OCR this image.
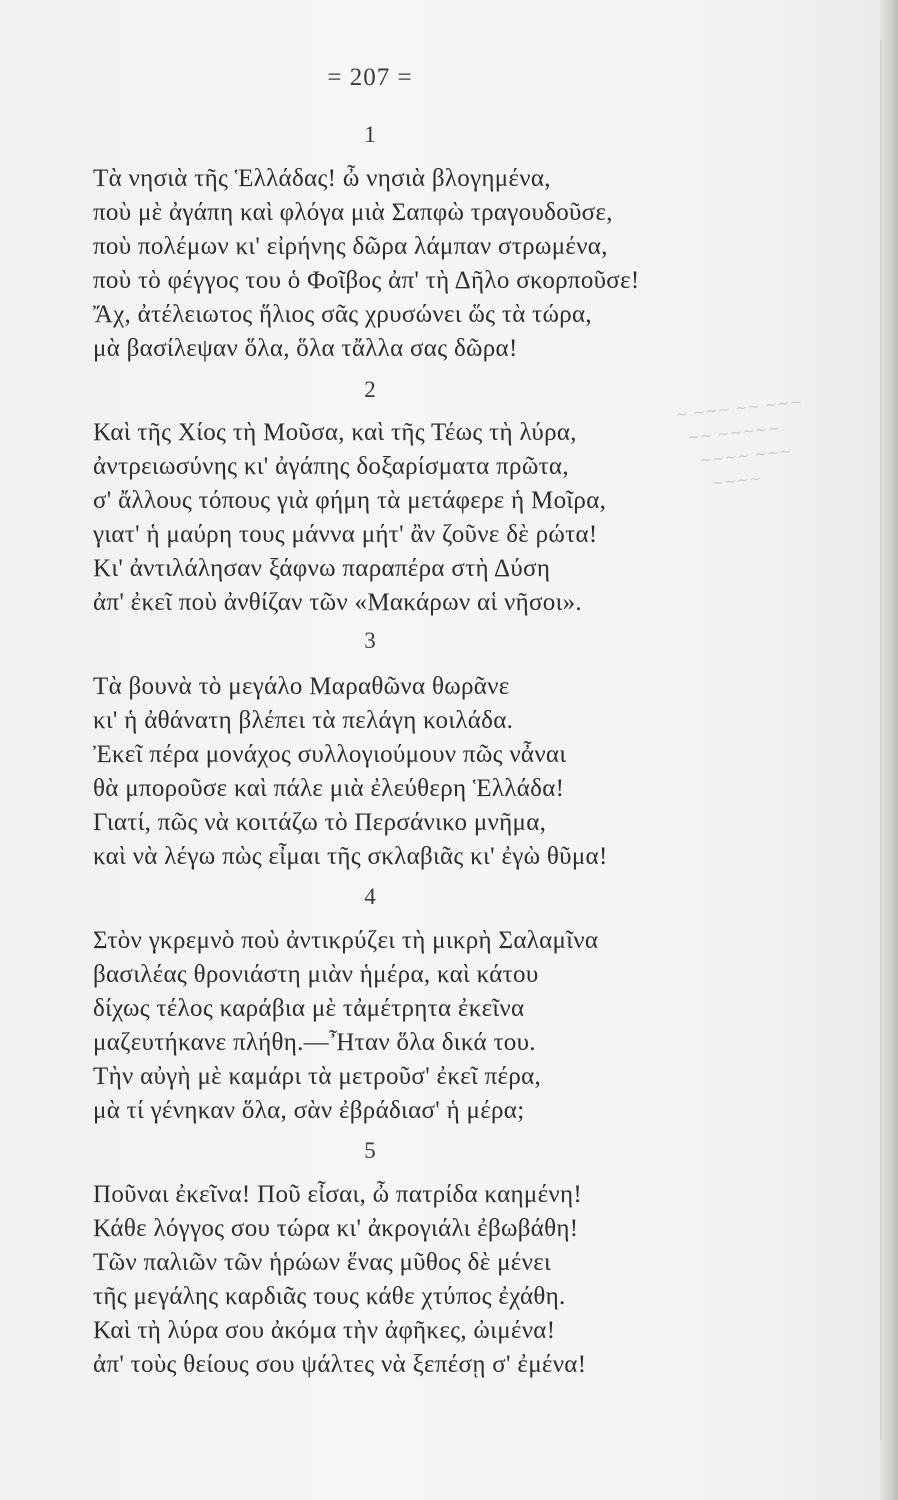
= 207 =
~ ~~~ ~~ ~~~
~~ ~~~~~
~~~~ ~~~
~~~~
1
Τὰ νησιὰ τῆς Ἑλλάδας! ὦ νησιὰ βλογημένα,
ποὺ μὲ ἀγάπη καὶ φλόγα μιὰ Σαπφὼ τραγουδοῦσε,
ποὺ πολέμων κι' εἰρήνης δῶρα λάμπαν στρωμένα,
ποὺ τὸ φέγγος του ὁ Φοῖβος ἀπ' τὴ Δῆλο σκορποῦσε!
Ἄχ, ἀτέλειωτος ἥλιος σᾶς χρυσώνει ὥς τὰ τώρα,
μὰ βασίλεψαν ὅλα, ὅλα τἄλλα σας δῶρα!
2
Καὶ τῆς Χίος τὴ Μοῦσα, καὶ τῆς Τέως τὴ λύρα,
ἀντρειωσύνης κι' ἀγάπης δοξαρίσματα πρῶτα,
σ' ἄλλους τόπους γιὰ φήμη τὰ μετάφερε ἡ Μοῖρα,
γιατ' ἡ μαύρη τους μάννα μήτ' ἂν ζοῦνε δὲ ρώτα!
Κι' ἀντιλάλησαν ξάφνω παραπέρα στὴ Δύση
ἀπ' ἐκεῖ ποὺ ἀνθίζαν τῶν «Μακάρων αἱ νῆσοι».
3
Τὰ βουνὰ τὸ μεγάλο Μαραθῶνα θωρᾶνε
κι' ἡ ἀθάνατη βλέπει τὰ πελάγη κοιλάδα.
Ἐκεῖ πέρα μονάχος συλλογιούμουν πῶς νἆναι
θὰ μποροῦσε καὶ πάλε μιὰ ἐλεύθερη Ἑλλάδα!
Γιατί, πῶς νὰ κοιτάζω τὸ Περσάνικο μνῆμα,
καὶ νὰ λέγω πὼς εἶμαι τῆς σκλαβιᾶς κι' ἐγὼ θῦμα!
4
Στὸν γκρεμνὸ ποὺ ἀντικρύζει τὴ μικρὴ Σαλαμῖνα
βασιλέας θρονιάστη μιὰν ἡμέρα, καὶ κάτου
δίχως τέλος καράβια μὲ τἀμέτρητα ἐκεῖνα
μαζευτήκανε πλήθη.—Ἦταν ὅλα δικά του.
Τὴν αὐγὴ μὲ καμάρι τὰ μετροῦσ' ἐκεῖ πέρα,
μὰ τί γένηκαν ὅλα, σὰν ἐβράδιασ' ἡ μέρα;
5
Ποῦναι ἐκεῖνα! Ποῦ εἶσαι, ὦ πατρίδα καημένη!
Κάθε λόγγος σου τώρα κι' ἀκρογιάλι ἐβωβάθη!
Τῶν παλιῶν τῶν ἡρώων ἕνας μῦθος δὲ μένει
τῆς μεγάλης καρδιᾶς τους κάθε χτύπος ἐχάθη.
Καὶ τὴ λύρα σου ἀκόμα τὴν ἀφῆκες, ὠιμένα!
ἀπ' τοὺς θείους σου ψάλτες νὰ ξεπέσῃ σ' ἐμένα!
